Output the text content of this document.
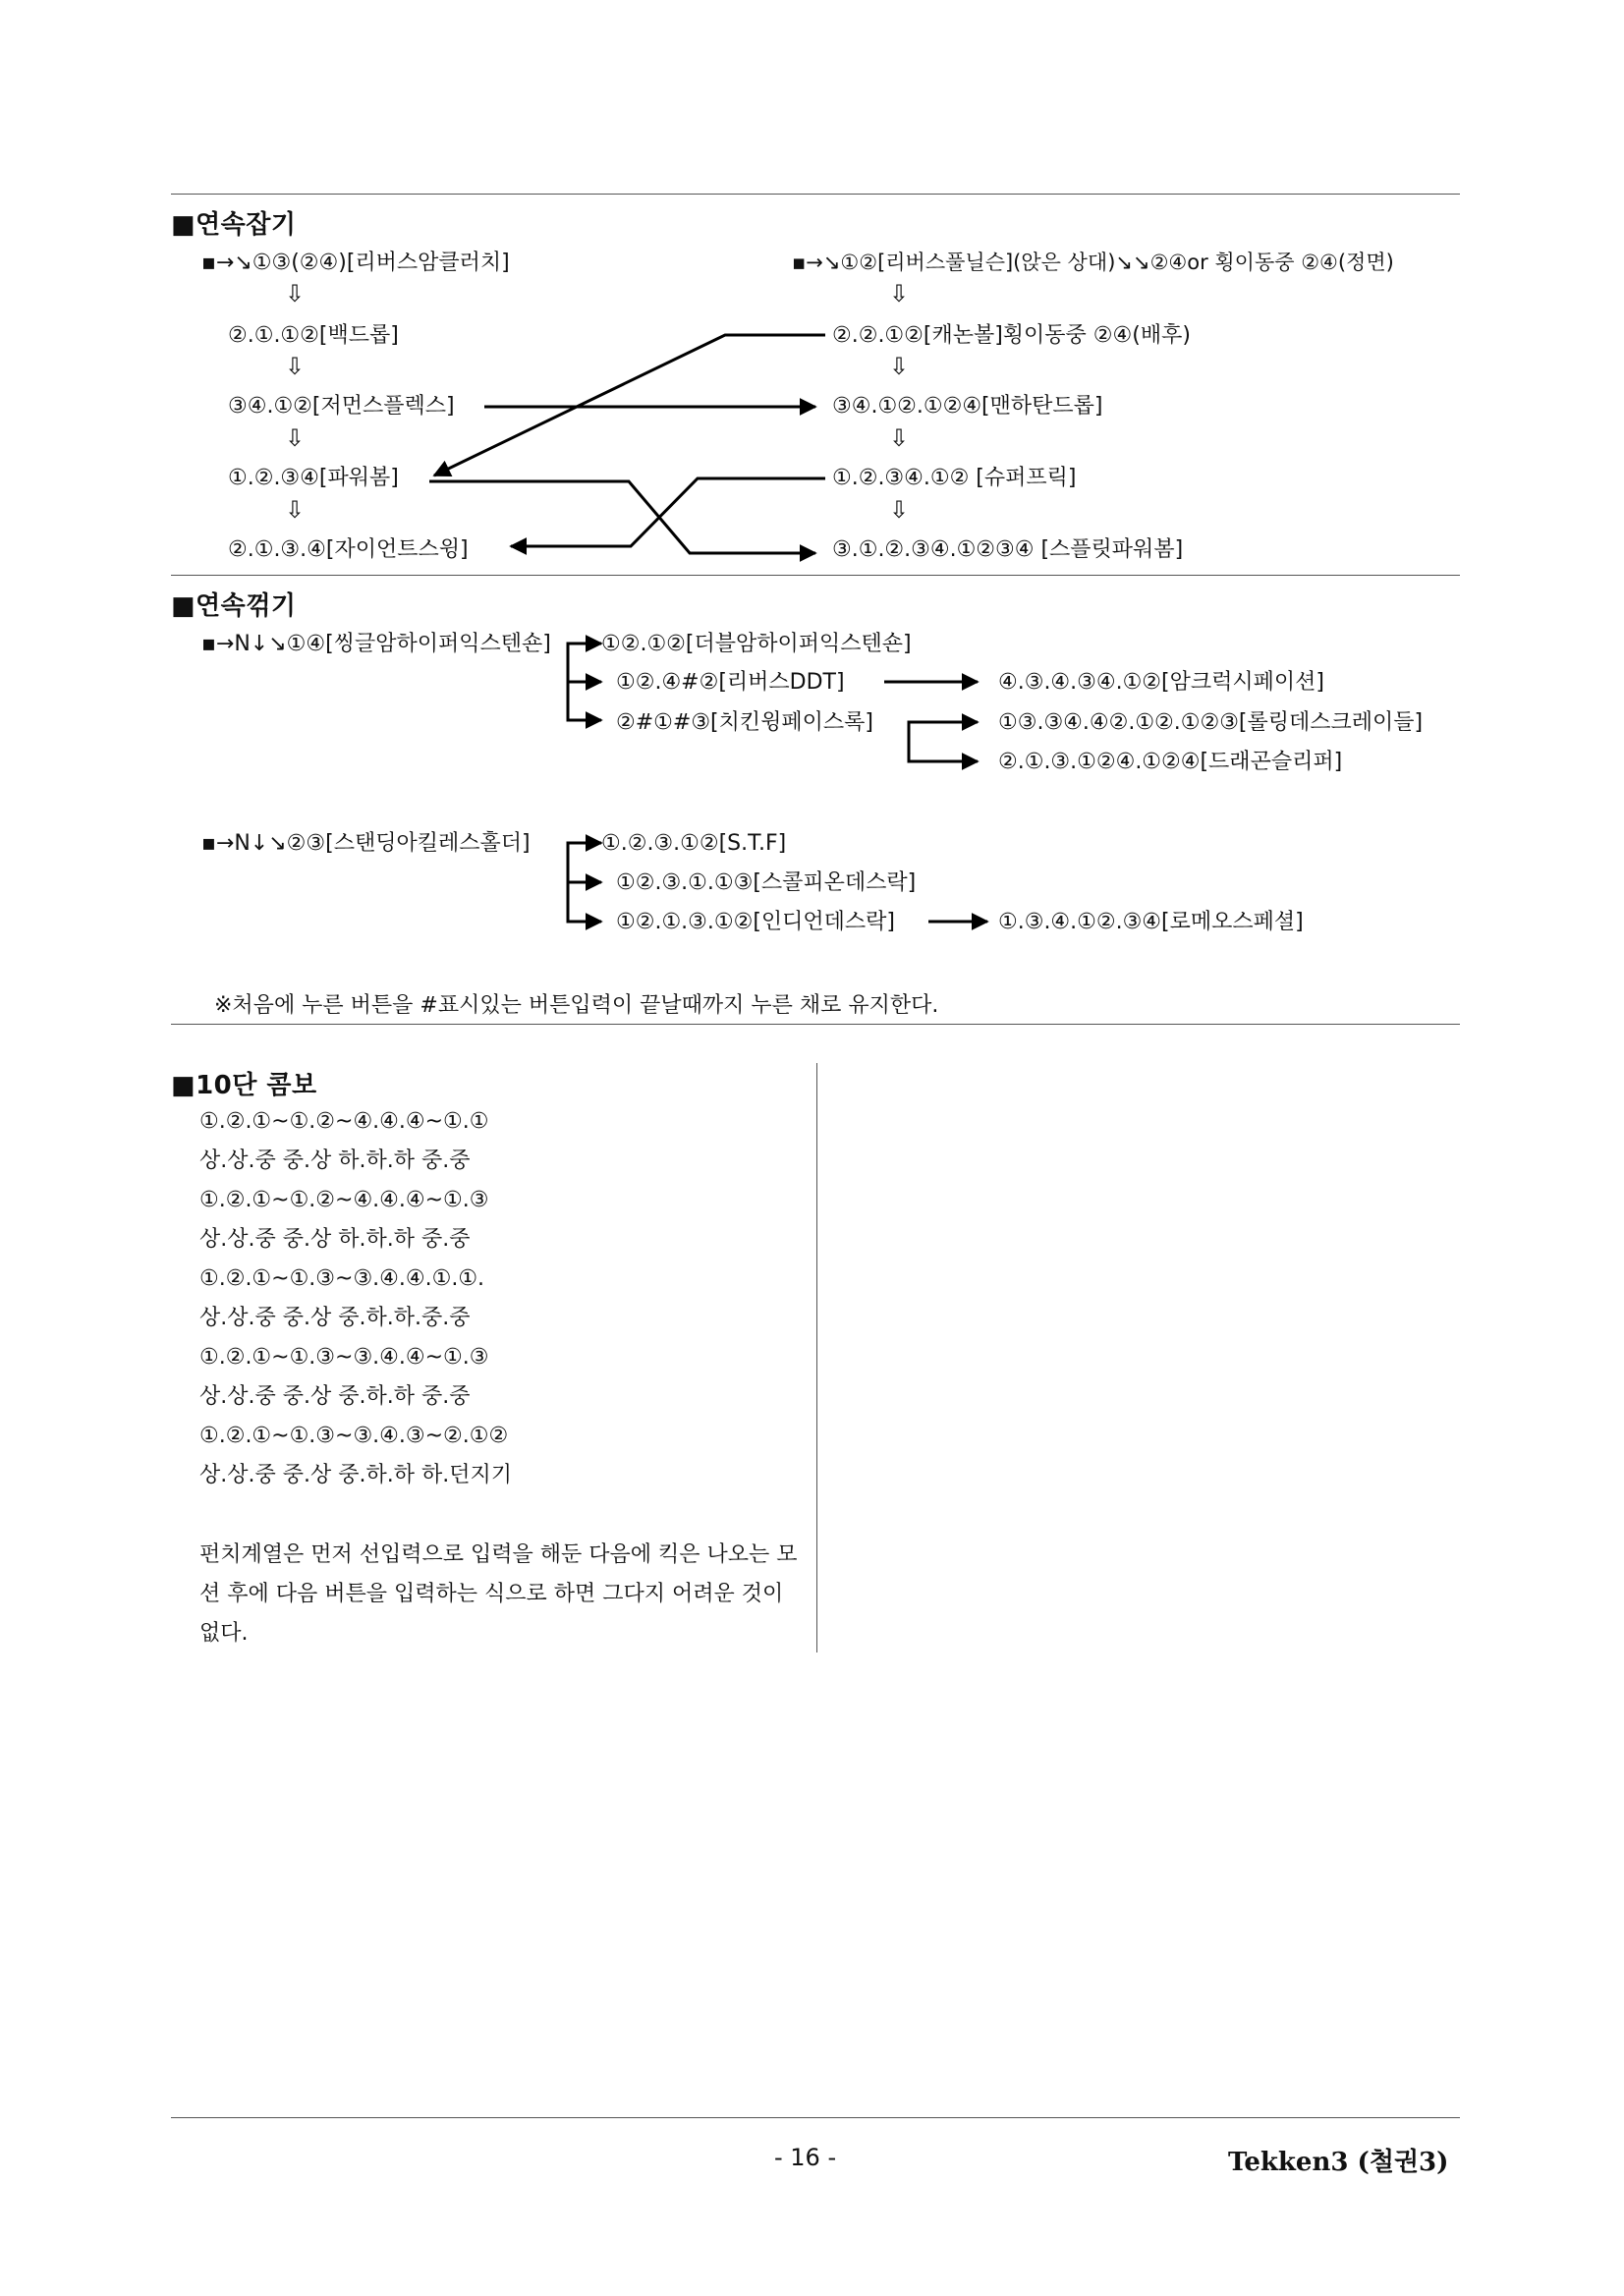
■연속잡기
▪→↘①③(②④)[리버스암클러치]
⇩
②.①.①②[백드롭]
⇩
③④.①②[저먼스플렉스]
⇩
①.②.③④[파워봄]
⇩
②.①.③.④[자이언트스윙]
▪→↘①②[리버스풀닐슨](앉은 상대)↘↘②④or 횡이동중 ②④(정면)
⇩
②.②.①②[캐논볼]횡이동중 ②④(배후)
⇩
③④.①②.①②④[맨하탄드롭]
⇩
①.②.③④.①② [슈퍼프릭]
⇩
③.①.②.③④.①②③④ [스플릿파워봄]
■연속꺾기
▪→N↓↘①④[씽글암하이퍼익스텐숀] ①②.①②[더블암하이퍼익스텐숀]
①②.④#②[리버스DDT]	④.③.④.③④.①②[암크럭시페이션]
②#①#③[치킨윙페이스록]	①③.③④.④②.①②.①②③[롤링데스크레이들]
②.①.③.①②④.①②④[드래곤슬리퍼]
▪→N↓↘②③[스탠딩아킬레스홀더]	①.②.③.①②[S.T.F]
①②.③.①.①③[스콜피온데스락]
①②.①.③.①②[인디언데스락]	①.③.④.①②.③④[로메오스페셜]
※처음에 누른 버튼을 #표시있는 버튼입력이 끝날때까지 누른 채로 유지한다.
■10단 콤보
①.②.①~①.②~④.④.④~①.①
상.상.중 중.상 하.하.하 중.중
①.②.①~①.②~④.④.④~①.③
상.상.중 중.상 하.하.하 중.중
①.②.①~①.③~③.④.④.①.①.
상.상.중 중.상 중.하.하.중.중
①.②.①~①.③~③.④.④~①.③
상.상.중 중.상 중.하.하 중.중
①.②.①~①.③~③.④.③~②.①②
상.상.중 중.상 중.하.하 하.던지기
펀치계열은 먼저 선입력으로 입력을 해둔 다음에 킥은 나오는 모션 후에 다음 버튼을 입력하는 식으로 하면 그다지 어려운 것이 없다.
- 16 -	Tekken3 (철권3)
